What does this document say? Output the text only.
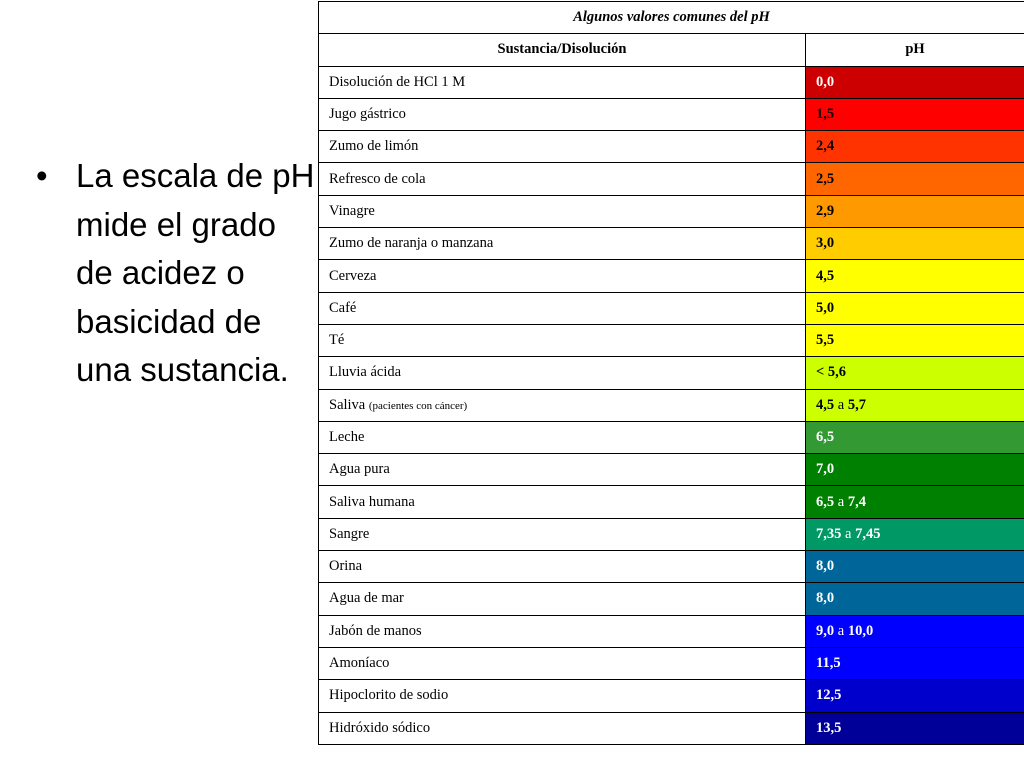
• La escala de pH mide el grado de acidez o basicidad de una sustancia.
Algunos valores comunes del pH	
Sustancia/Disolución	pH
Disolución de HCl 1 M	0,0
Jugo gástrico	1,5
Zumo de limón	2,4
Refresco de cola	2,5
Vinagre	2,9
Zumo de naranja o manzana	3,0
Cerveza	4,5
Café	5,0
Té	5,5
Lluvia ácida	< 5,6
Saliva (pacientes con cáncer)	4,5 a 5,7
Leche	6,5
Agua pura	7,0
Saliva humana	6,5 a 7,4
Sangre	7,35 a 7,45
Orina	8,0
Agua de mar	8,0
Jabón de manos	9,0 a 10,0
Amoníaco	11,5
Hipoclorito de sodio	12,5
Hidróxido sódico	13,5
